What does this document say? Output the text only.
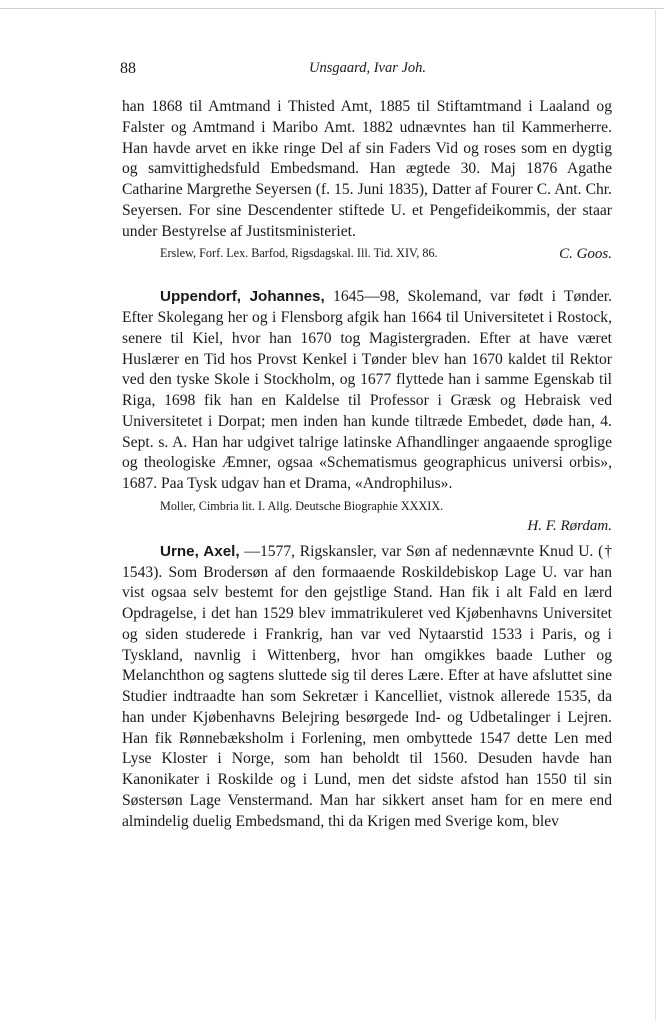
88	Unsgaard, Ivar Joh.

han 1868 til Amtmand i Thisted Amt, 1885 til Stiftamtmand i Laaland og Falster og Amtmand i Maribo Amt. 1882 udnævntes han til Kammerherre. Han havde arvet en ikke ringe Del af sin Faders Vid og roses som en dygtig og samvittighedsfuld Embedsmand. Han ægtede 30. Maj 1876 Agathe Catharine Margrethe Seyersen (f. 15. Juni 1835), Datter af Fourer C. Ant. Chr. Seyersen. For sine Descendenter stiftede U. et Pengefideikommis, der staar under Bestyrelse af Justitsministeriet.

Erslew, Forf. Lex. Barfod, Rigsdagskal. Ill. Tid. XIV, 86.	C. Goos.

Uppendorf, Johannes, 1645—98, Skolemand, var født i Tønder. Efter Skolegang her og i Flensborg afgik han 1664 til Universitetet i Rostock, senere til Kiel, hvor han 1670 tog Magistergraden. Efter at have været Huslærer en Tid hos Provst Kenkel i Tønder blev han 1670 kaldet til Rektor ved den tyske Skole i Stockholm, og 1677 flyttede han i samme Egenskab til Riga, 1698 fik han en Kaldelse til Professor i Græsk og Hebraisk ved Universitetet i Dorpat; men inden han kunde tiltræde Embedet, døde han, 4. Sept. s. A. Han har udgivet talrige latinske Afhandlinger angaaende sproglige og theologiske Æmner, ogsaa «Schematismus geographicus universi orbis», 1687. Paa Tysk udgav han et Drama, «Androphilus».

Moller, Cimbria lit. I. Allg. Deutsche Biographie XXXIX.
H. F. Rørdam.

Urne, Axel, —1577, Rigskansler, var Søn af nedennævnte Knud U. († 1543). Som Brodersøn af den formaaende Roskildebiskop Lage U. var han vist ogsaa selv bestemt for den gejstlige Stand. Han fik i alt Fald en lærd Opdragelse, i det han 1529 blev immatrikuleret ved Kjøbenhavns Universitet og siden studerede i Frankrig, han var ved Nytaarstid 1533 i Paris, og i Tyskland, navnlig i Wittenberg, hvor han omgikkes baade Luther og Melanchthon og sagtens sluttede sig til deres Lære. Efter at have afsluttet sine Studier indtraadte han som Sekretær i Kancelliet, vistnok allerede 1535, da han under Kjøbenhavns Belejring besørgede Ind- og Udbetalinger i Lejren. Han fik Rønnebæksholm i Forlening, men ombyttede 1547 dette Len med Lyse Kloster i Norge, som han beholdt til 1560. Desuden havde han Kanonikater i Roskilde og i Lund, men det sidste afstod han 1550 til sin Søstersøn Lage Venstermand. Man har sikkert anset ham for en mere end almindelig duelig Embedsmand, thi da Krigen med Sverige kom, blev
